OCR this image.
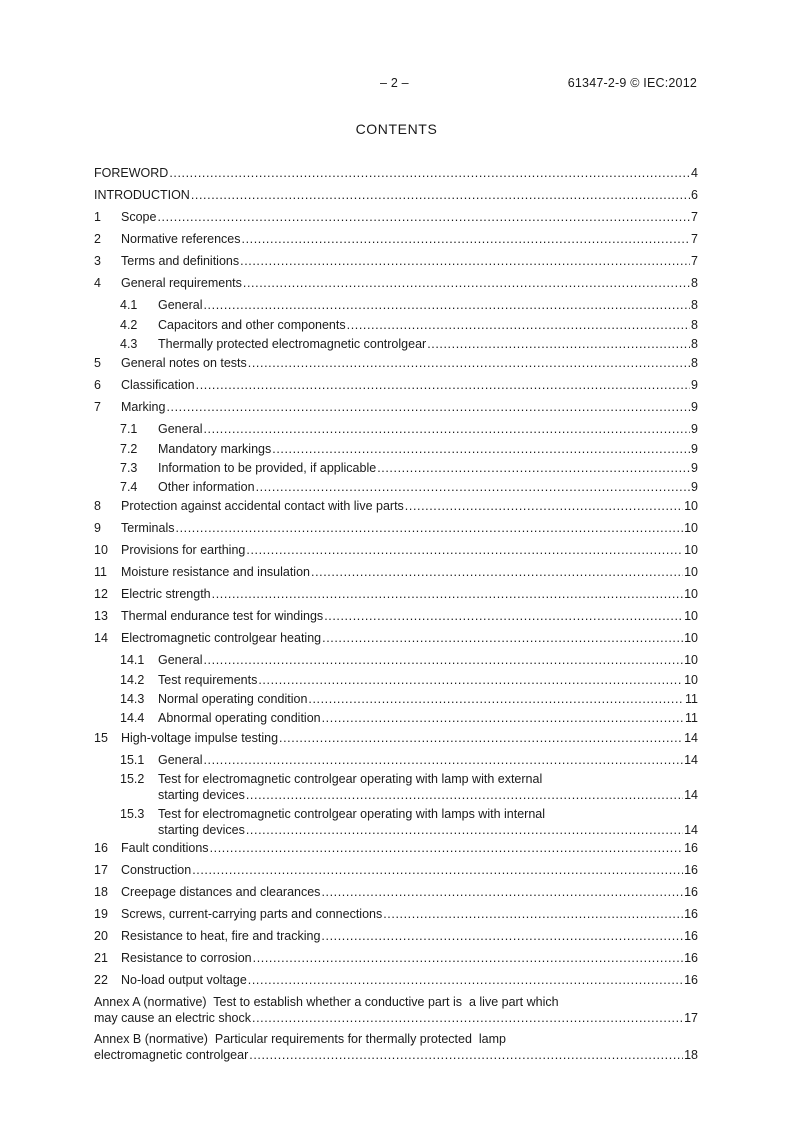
– 2 –	61347-2-9 © IEC:2012
CONTENTS
FOREWORD .....	4
INTRODUCTION .....	6
1	Scope .....	7
2	Normative references .....	7
3	Terms and definitions .....	7
4	General requirements .....	8
4.1	General .....	8
4.2	Capacitors and other components .....	8
4.3	Thermally protected electromagnetic controlgear .....	8
5	General notes on tests .....	8
6	Classification .....	9
7	Marking .....	9
7.1	General .....	9
7.2	Mandatory markings .....	9
7.3	Information to be provided, if applicable .....	9
7.4	Other information .....	9
8	Protection against accidental contact with live parts .....	10
9	Terminals .....	10
10	Provisions for earthing .....	10
11	Moisture resistance and insulation .....	10
12	Electric strength .....	10
13	Thermal endurance test for windings .....	10
14	Electromagnetic controlgear heating .....	10
14.1	General .....	10
14.2	Test requirements .....	10
14.3	Normal operating condition .....	11
14.4	Abnormal operating condition .....	11
15	High-voltage impulse testing .....	14
15.1	General .....	14
15.2	Test for electromagnetic controlgear operating with lamp with external
starting devices .....	14
15.3	Test for electromagnetic controlgear operating with lamps with internal
starting devices .....	14
16	Fault conditions .....	16
17	Construction .....	16
18	Creepage distances and clearances .....	16
19	Screws, current-carrying parts and connections .....	16
20	Resistance to heat, fire and tracking .....	16
21	Resistance to corrosion .....	16
22	No-load output voltage .....	16
Annex A (normative)  Test to establish whether a conductive part is  a live part which
may cause an electric shock .....	17
Annex B (normative)  Particular requirements for thermally protected  lamp
electromagnetic controlgear .....	18
